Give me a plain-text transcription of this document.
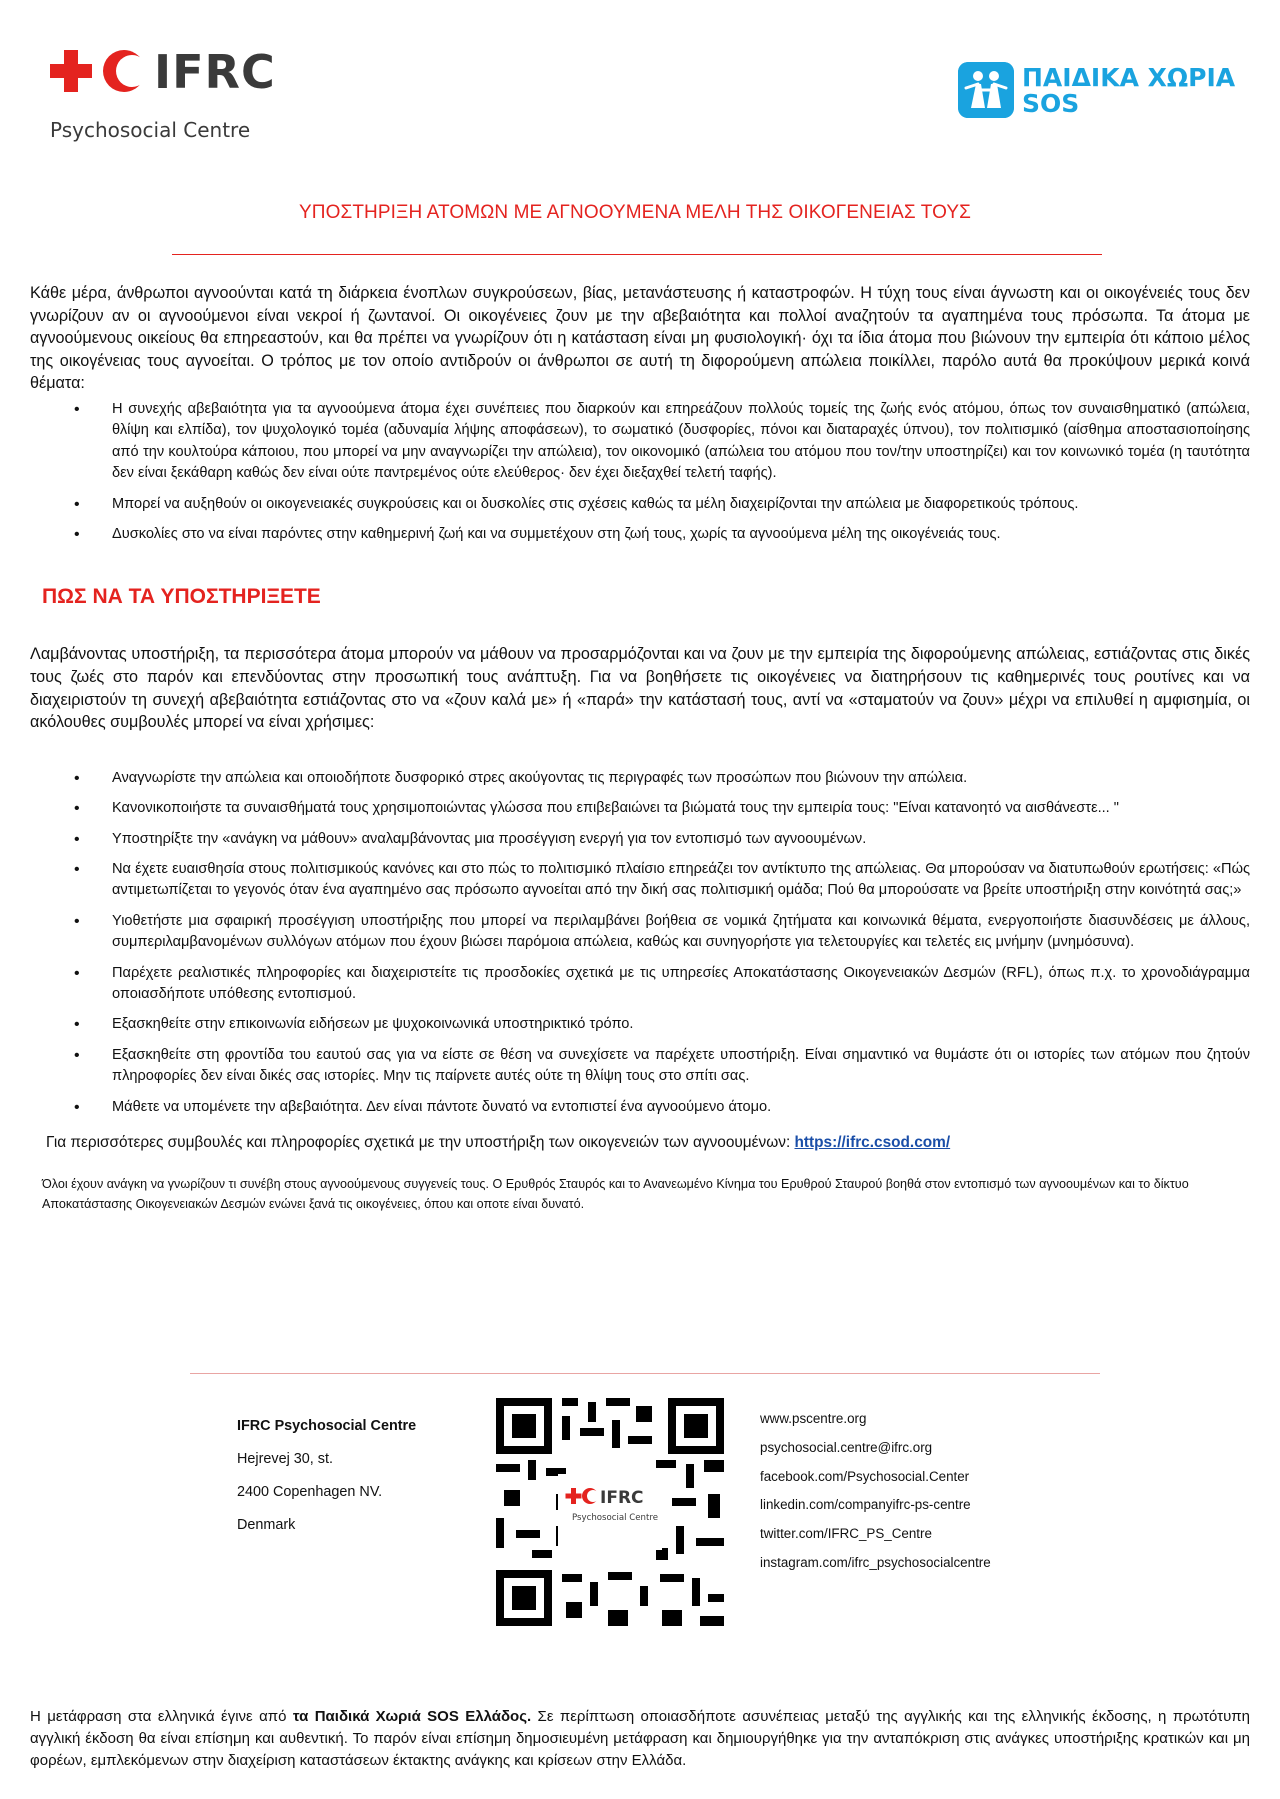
IFRC
Psychosocial Centre
ΠΑΙΔΙΚΑ ΧΩΡΙΑ
SOS
ΥΠΟΣΤΗΡΙΞΗ ΑΤΟΜΩΝ ΜΕ ΑΓΝΟΟΥΜΕΝΑ ΜΕΛΗ ΤΗΣ ΟΙΚΟΓΕΝΕΙΑΣ ΤΟΥΣ

Κάθε μέρα, άνθρωποι αγνοούνται κατά τη διάρκεια ένοπλων συγκρούσεων, βίας, μετανάστευσης ή καταστροφών. Η τύχη τους είναι άγνωστη και οι οικογένειές τους δεν γνωρίζουν αν οι αγνοούμενοι είναι νεκροί ή ζωντανοί. Οι οικογένειες ζουν με την αβεβαιότητα και πολλοί αναζητούν τα αγαπημένα τους πρόσωπα. Τα άτομα με αγνοούμενους οικείους θα επηρεαστούν, και θα πρέπει να γνωρίζουν ότι η κατάσταση είναι μη φυσιολογική· όχι τα ίδια άτομα που βιώνουν την εμπειρία ότι κάποιο μέλος της οικογένειας τους αγνοείται. Ο τρόπος με τον οποίο αντιδρούν οι άνθρωποι σε αυτή τη διφορούμενη απώλεια ποικίλλει, παρόλο αυτά θα προκύψουν μερικά κοινά θέματα:

• Η συνεχής αβεβαιότητα για τα αγνοούμενα άτομα έχει συνέπειες που διαρκούν και επηρεάζουν πολλούς τομείς της ζωής ενός ατόμου, όπως τον συναισθηματικό (απώλεια, θλίψη και ελπίδα), τον ψυχολογικό τομέα (αδυναμία λήψης αποφάσεων), το σωματικό (δυσφορίες, πόνοι και διαταραχές ύπνου), τον πολιτισμικό (αίσθημα αποστασιοποίησης από την κουλτούρα κάποιου, που μπορεί να μην αναγνωρίζει την απώλεια), τον οικονομικό (απώλεια του ατόμου που τον/την υποστηρίζει) και τον κοινωνικό τομέα (η ταυτότητα δεν είναι ξεκάθαρη καθώς δεν είναι ούτε παντρεμένος ούτε ελεύθερος· δεν έχει διεξαχθεί τελετή ταφής).
• Μπορεί να αυξηθούν οι οικογενειακές συγκρούσεις και οι δυσκολίες στις σχέσεις καθώς τα μέλη διαχειρίζονται την απώλεια με διαφορετικούς τρόπους.
• Δυσκολίες στο να είναι παρόντες στην καθημερινή ζωή και να συμμετέχουν στη ζωή τους, χωρίς τα αγνοούμενα μέλη της οικογένειάς τους.
ΠΩΣ ΝΑ ΤΑ ΥΠΟΣΤΗΡΙΞΕΤΕ

Λαμβάνοντας υποστήριξη, τα περισσότερα άτομα μπορούν να μάθουν να προσαρμόζονται και να ζουν με την εμπειρία της διφορούμενης απώλειας, εστιάζοντας στις δικές τους ζωές στο παρόν και επενδύοντας στην προσωπική τους ανάπτυξη. Για να βοηθήσετε τις οικογένειες να διατηρήσουν τις καθημερινές τους ρουτίνες και να διαχειριστούν τη συνεχή αβεβαιότητα εστιάζοντας στο να «ζουν καλά με» ή «παρά» την κατάστασή τους, αντί να «σταματούν να ζουν» μέχρι να επιλυθεί η αμφισημία, οι ακόλουθες συμβουλές μπορεί να είναι χρήσιμες:

• Αναγνωρίστε την απώλεια και οποιοδήποτε δυσφορικό στρες ακούγοντας τις περιγραφές των προσώπων που βιώνουν την απώλεια.
• Κανονικοποιήστε τα συναισθήματά τους χρησιμοποιώντας γλώσσα που επιβεβαιώνει τα βιώματά τους την εμπειρία τους: "Είναι κατανοητό να αισθάνεστε... "
• Υποστηρίξτε την «ανάγκη να μάθουν» αναλαμβάνοντας μια προσέγγιση ενεργή για τον εντοπισμό των αγνοουμένων.
• Να έχετε ευαισθησία στους πολιτισμικούς κανόνες και στο πώς το πολιτισμικό πλαίσιο επηρεάζει τον αντίκτυπο της απώλειας. Θα μπορούσαν να διατυπωθούν ερωτήσεις: «Πώς αντιμετωπίζεται το γεγονός όταν ένα αγαπημένο σας πρόσωπο αγνοείται από την δική σας πολιτισμική ομάδα; Πού θα μπορούσατε να βρείτε υποστήριξη στην κοινότητά σας;»
• Υιοθετήστε μια σφαιρική προσέγγιση υποστήριξης που μπορεί να περιλαμβάνει βοήθεια σε νομικά ζητήματα και κοινωνικά θέματα, ενεργοποιήστε διασυνδέσεις με άλλους, συμπεριλαμβανομένων συλλόγων ατόμων που έχουν βιώσει παρόμοια απώλεια, καθώς και συνηγορήστε για τελετουργίες και τελετές εις μνήμην (μνημόσυνα).
• Παρέχετε ρεαλιστικές πληροφορίες και διαχειριστείτε τις προσδοκίες σχετικά με τις υπηρεσίες Αποκατάστασης Οικογενειακών Δεσμών (RFL), όπως π.χ. το χρονοδιάγραμμα οποιασδήποτε υπόθεσης εντοπισμού.
• Εξασκηθείτε στην επικοινωνία ειδήσεων με ψυχοκοινωνικά υποστηρικτικό τρόπο.
• Εξασκηθείτε στη φροντίδα του εαυτού σας για να είστε σε θέση να συνεχίσετε να παρέχετε υποστήριξη. Είναι σημαντικό να θυμάστε ότι οι ιστορίες των ατόμων που ζητούν πληροφορίες δεν είναι δικές σας ιστορίες. Μην τις παίρνετε αυτές ούτε τη θλίψη τους στο σπίτι σας.
• Μάθετε να υπομένετε την αβεβαιότητα. Δεν είναι πάντοτε δυνατό να εντοπιστεί ένα αγνοούμενο άτομο.

Για περισσότερες συμβουλές και πληροφορίες σχετικά με την υποστήριξη των οικογενειών των αγνοουμένων: https://ifrc.csod.com/

Όλοι έχουν ανάγκη να γνωρίζουν τι συνέβη στους αγνοούμενους συγγενείς τους. Ο Ερυθρός Σταυρός και το Ανανεωμένο Κίνημα του Ερυθρού Σταυρού βοηθά στον εντοπισμό των αγνοουμένων και το δίκτυο Αποκατάστασης Οικογενειακών Δεσμών ενώνει ξανά τις οικογένειες, όπου και οποτε είναι δυνατό.

IFRC Psychosocial Centre
Hejrevej 30, st.
2400 Copenhagen NV.
Denmark
IFRC
Psychosocial Centre
www.pscentre.org
psychosocial.centre@ifrc.org
facebook.com/Psychosocial.Center
linkedin.com/companyifrc-ps-centre
twitter.com/IFRC_PS_Centre
instagram.com/ifrc_psychosocialcentre

Η μετάφραση στα ελληνικά έγινε από τα Παιδικά Χωριά SOS Ελλάδος. Σε περίπτωση οποιασδήποτε ασυνέπειας μεταξύ της αγγλικής και της ελληνικής έκδοσης, η πρωτότυπη αγγλική έκδοση θα είναι επίσημη και αυθεντική. Το παρόν είναι επίσημη δημοσιευμένη μετάφραση και δημιουργήθηκε για την ανταπόκριση στις ανάγκες υποστήριξης κρατικών και μη φορέων, εμπλεκόμενων στην διαχείριση καταστάσεων έκτακτης ανάγκης και κρίσεων στην Ελλάδα.
